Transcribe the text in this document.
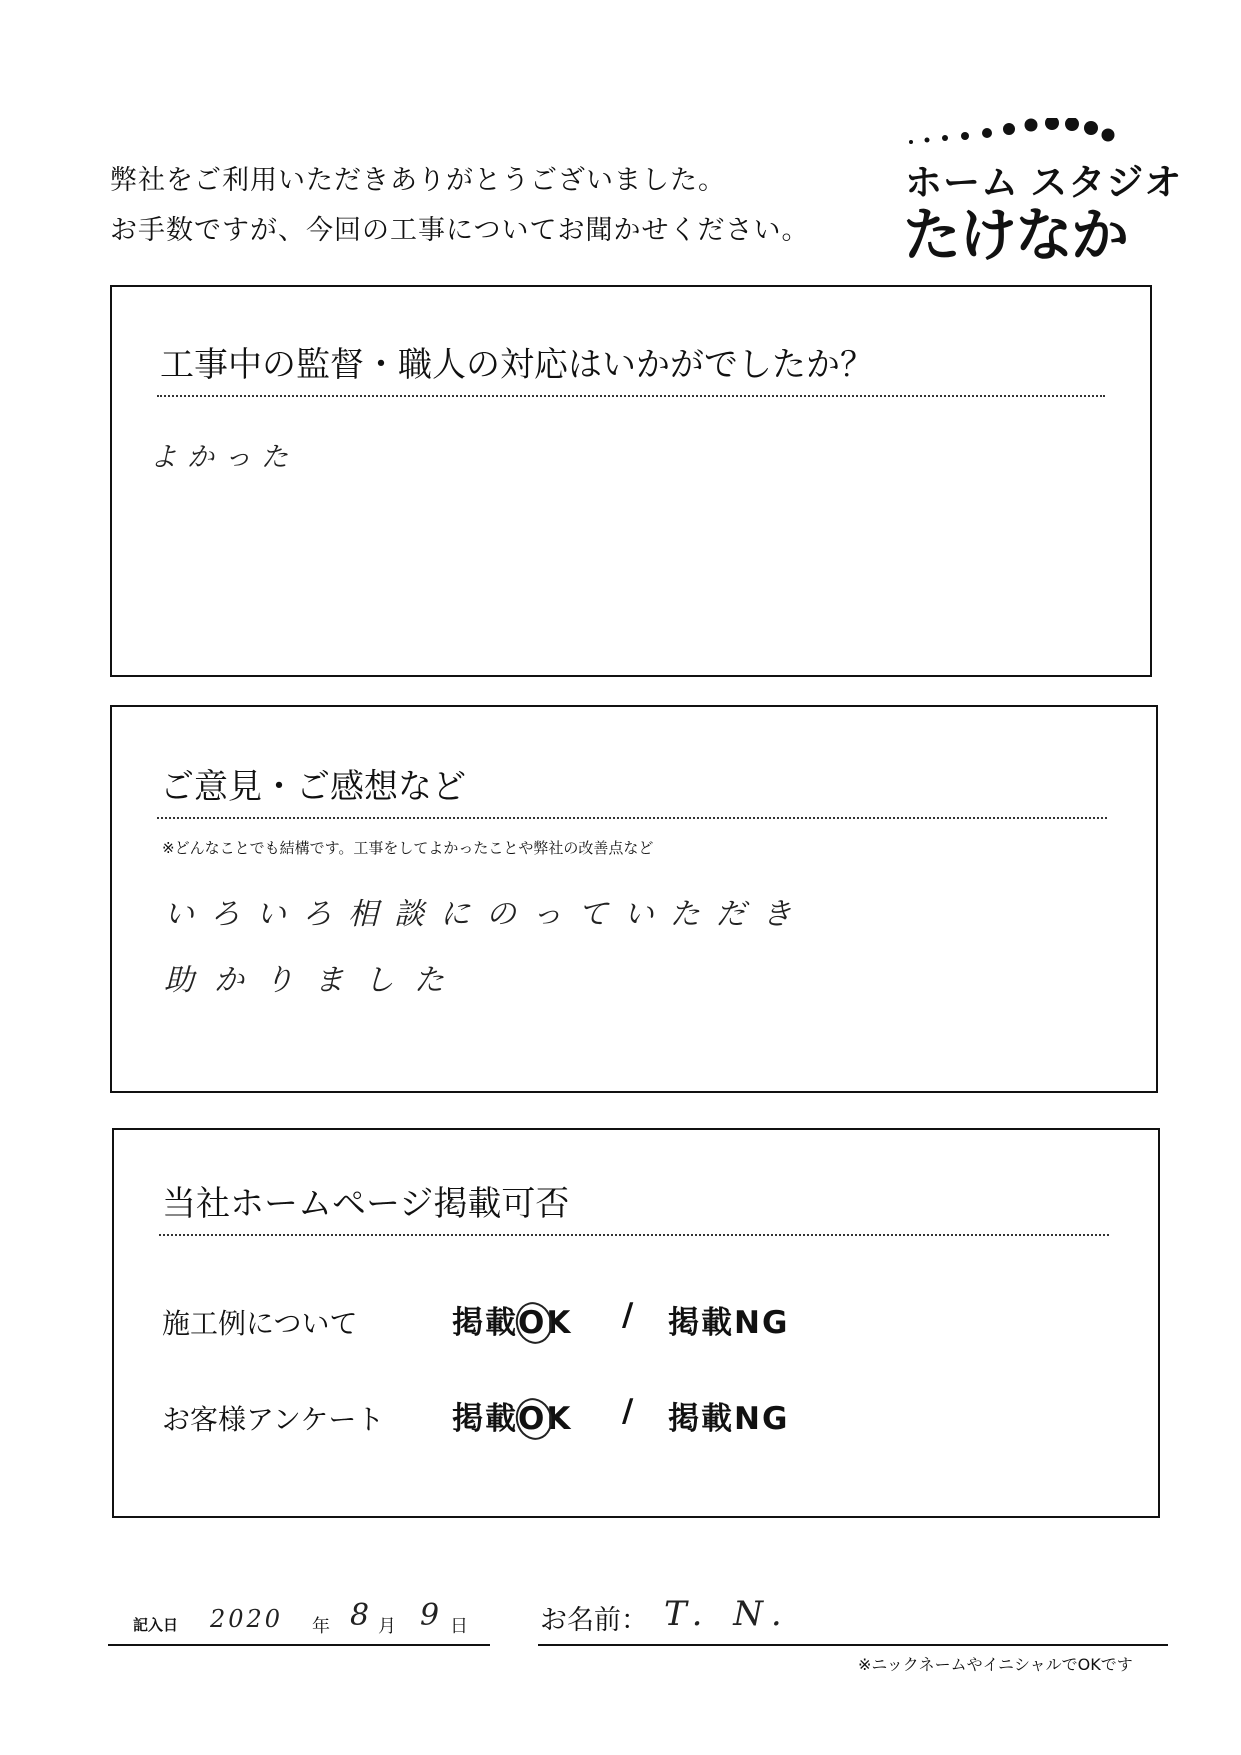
弊社をご利用いただきありがとうございました。
お手数ですが、今回の工事についてお聞かせください。
ホーム スタジオ
たけなか
工事中の監督・職人の対応はいかがでしたか？
よかった
ご意見・ご感想など
※どんなことでも結構です。工事をしてよかったことや弊社の改善点など
いろいろ相談にのっていただき
助かりました
当社ホームページ掲載可否
施工例について	掲載OK / 掲載NG
お客様アンケート 掲載OK / 掲載NG
記入日 2020 年 8 月 9 日	お名前： T. N.
※ニックネームやイニシャルでOKです
